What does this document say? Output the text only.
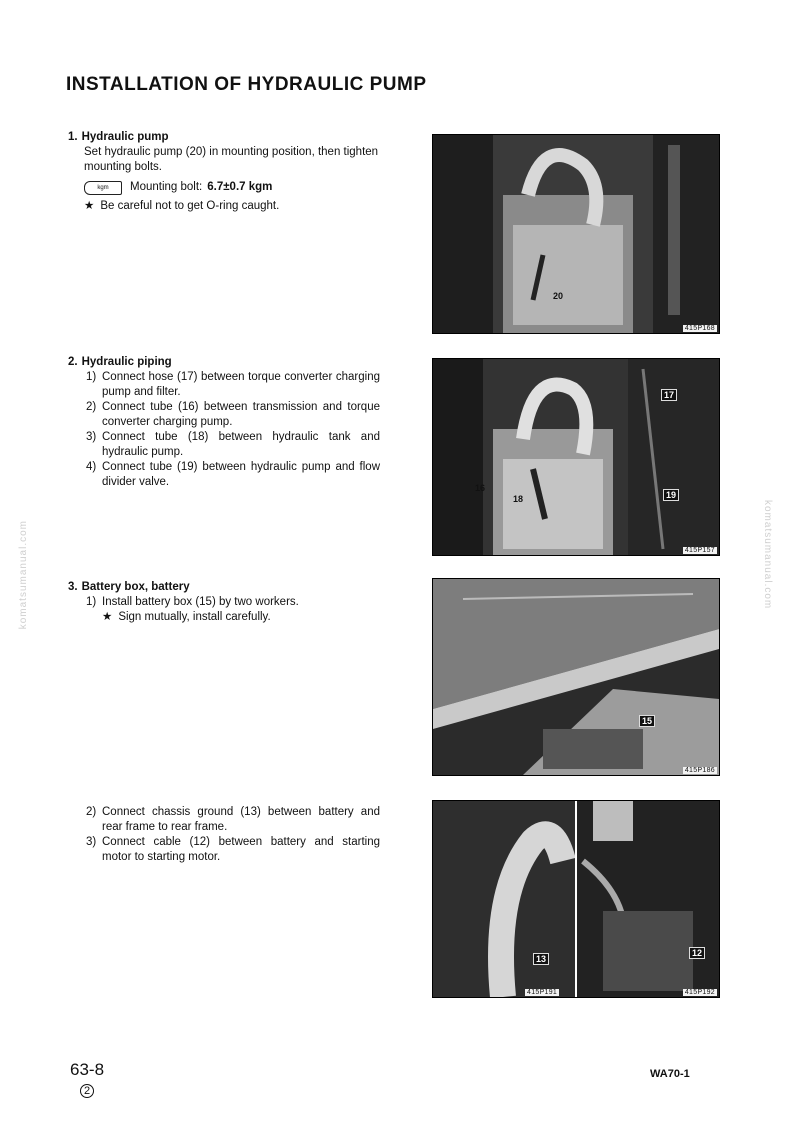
INSTALLATION OF HYDRAULIC PUMP
1. Hydraulic pump
Set hydraulic pump (20) in mounting position, then tighten mounting bolts.
kgm	Mounting bolt: 6.7±0.7 kgm
★ Be careful not to get O-ring caught.
2. Hydraulic piping
1) Connect hose (17) between torque converter charging pump and filter.
2) Connect tube (16) between transmission and torque converter charging pump.
3) Connect tube (18) between hydraulic tank and hydraulic pump.
4) Connect tube (19) between hydraulic pump and flow divider valve.
3. Battery box, battery
1) Install battery box (15) by two workers.
★ Sign mutually, install carefully.
2) Connect chassis ground (13) between battery and rear frame to rear frame.
3) Connect cable (12) between battery and starting motor to starting motor.
20
415P168
17
16
18	19
415P157
15
415P186
13
12
415P191	415P192
komatsumanual.com	komatsumanual.com
63-8
2
WA70-1
